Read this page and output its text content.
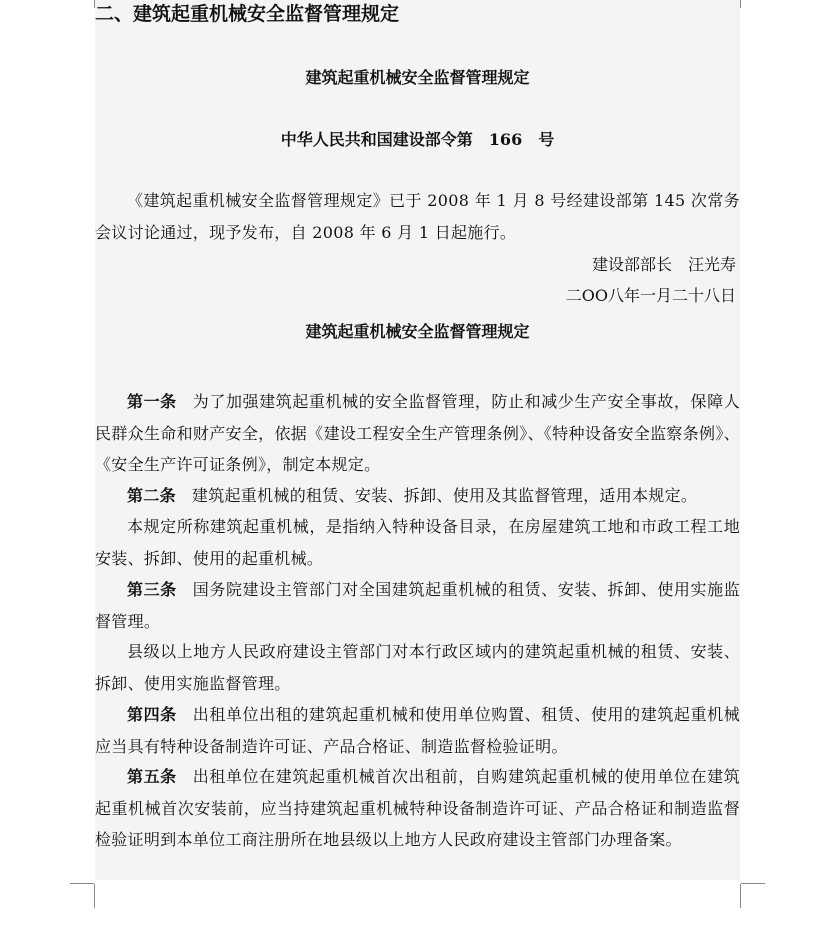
二、建筑起重机械安全监督管理规定
建筑起重机械安全监督管理规定
中华人民共和国建设部令第　166　号
《建筑起重机械安全监督管理规定》已于 2008 年 1 月 8 号经建设部第 145 次常务会议讨论通过，现予发布，自 2008 年 6 月 1 日起施行。
建设部部长　汪光寿
二OO八年一月二十八日
建筑起重机械安全监督管理规定
第一条 为了加强建筑起重机械的安全监督管理，防止和减少生产安全事故，保障人民群众生命和财产安全，依据《建设工程安全生产管理条例》、《特种设备安全监察条例》、《安全生产许可证条例》，制定本规定。
第二条 建筑起重机械的租赁、安装、拆卸、使用及其监督管理，适用本规定。
本规定所称建筑起重机械，是指纳入特种设备目录，在房屋建筑工地和市政工程工地安装、拆卸、使用的起重机械。
第三条 国务院建设主管部门对全国建筑起重机械的租赁、安装、拆卸、使用实施监督管理。
县级以上地方人民政府建设主管部门对本行政区域内的建筑起重机械的租赁、安装、拆卸、使用实施监督管理。
第四条 出租单位出租的建筑起重机械和使用单位购置、租赁、使用的建筑起重机械应当具有特种设备制造许可证、产品合格证、制造监督检验证明。
第五条 出租单位在建筑起重机械首次出租前，自购建筑起重机械的使用单位在建筑起重机械首次安装前，应当持建筑起重机械特种设备制造许可证、产品合格证和制造监督检验证明到本单位工商注册所在地县级以上地方人民政府建设主管部门办理备案。
